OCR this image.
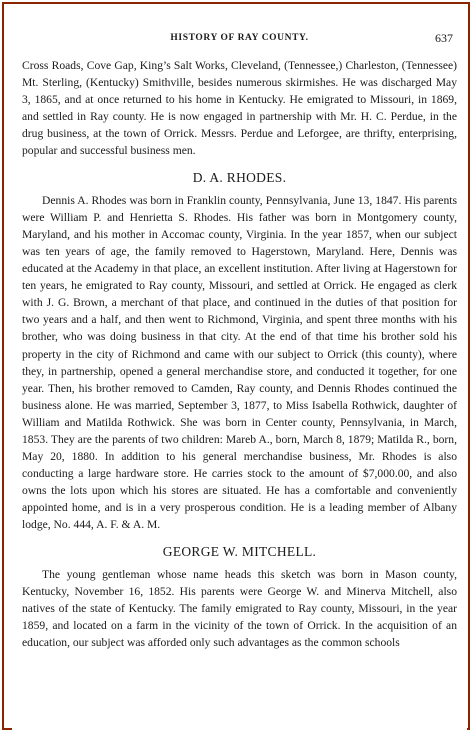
HISTORY OF RAY COUNTY.	637

Cross Roads, Cove Gap, King’s Salt Works, Cleveland, (Tennessee,) Charleston, (Tennessee) Mt. Sterling, (Kentucky) Smithville, besides numerous skirmishes. He was discharged May 3, 1865, and at once returned to his home in Kentucky. He emigrated to Missouri, in 1869, and settled in Ray county. He is now engaged in partnership with Mr. H. C. Perdue, in the drug business, at the town of Orrick. Messrs. Perdue and Leforgee, are thrifty, enterprising, popular and successful business men.

D. A. RHODES.

Dennis A. Rhodes was born in Franklin county, Pennsylvania, June 13, 1847. His parents were William P. and Henrietta S. Rhodes. His father was born in Montgomery county, Maryland, and his mother in Accomac county, Virginia. In the year 1857, when our subject was ten years of age, the family removed to Hagerstown, Maryland. Here, Dennis was educated at the Academy in that place, an excellent institution. After living at Hagerstown for ten years, he emigrated to Ray county, Missouri, and settled at Orrick. He engaged as clerk with J. G. Brown, a merchant of that place, and continued in the duties of that position for two years and a half, and then went to Richmond, Virginia, and spent three months with his brother, who was doing business in that city. At the end of that time his brother sold his property in the city of Richmond and came with our subject to Orrick (this county), where they, in partnership, opened a general merchandise store, and conducted it together, for one year. Then, his brother removed to Camden, Ray county, and Dennis Rhodes continued the business alone. He was married, September 3, 1877, to Miss Isabella Rothwick, daughter of William and Matilda Rothwick. She was born in Center county, Pennsylvania, in March, 1853. They are the parents of two children: Mareb A., born, March 8, 1879; Matilda R., born, May 20, 1880. In addition to his general merchandise business, Mr. Rhodes is also conducting a large hardware store. He carries stock to the amount of $7,000.00, and also owns the lots upon which his stores are situated. He has a comfortable and conveniently appointed home, and is in a very prosperous condition. He is a leading member of Albany lodge, No. 444, A. F. & A. M.

GEORGE W. MITCHELL.

The young gentleman whose name heads this sketch was born in Mason county, Kentucky, November 16, 1852. His parents were George W. and Minerva Mitchell, also natives of the state of Kentucky. The family emigrated to Ray county, Missouri, in the year 1859, and located on a farm in the vicinity of the town of Orrick. In the acquisition of an education, our subject was afforded only such advantages as the common schools
